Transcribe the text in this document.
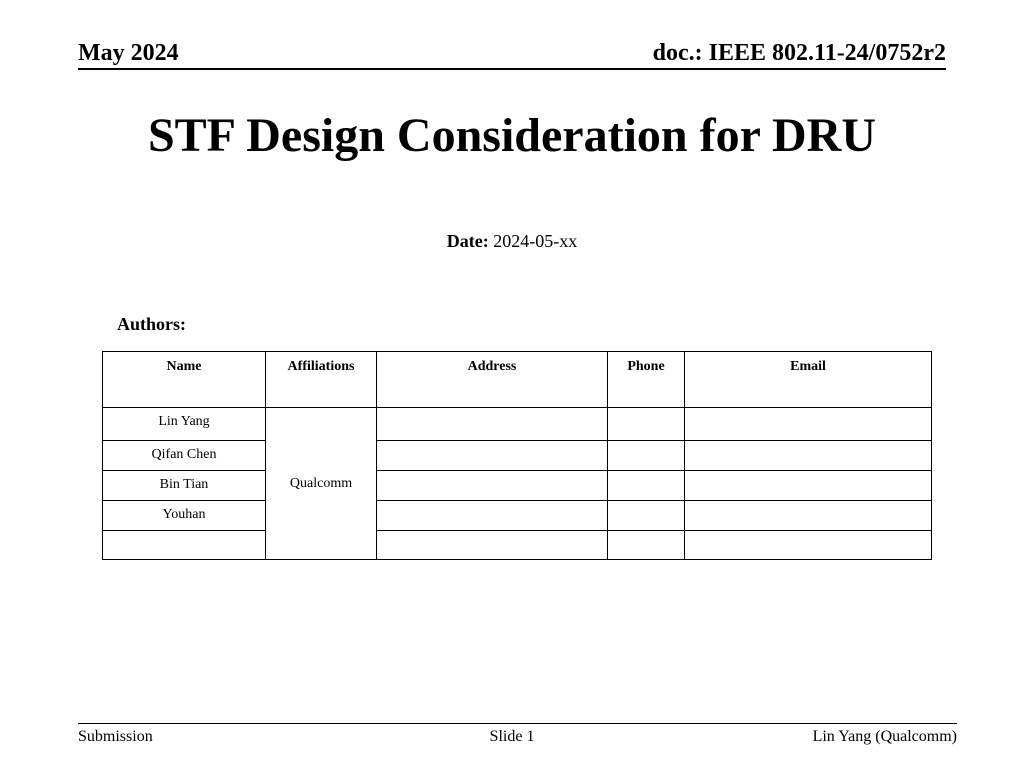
May 2024	doc.: IEEE 802.11-24/0752r2
STF Design Consideration for DRU
Date: 2024-05-xx
Authors:
Name	Affiliations	Address	Phone	Email
Lin Yang	Qualcomm			
Qifan Chen				
Bin Tian				
Youhan				

Submission	Slide 1	Lin Yang (Qualcomm)
